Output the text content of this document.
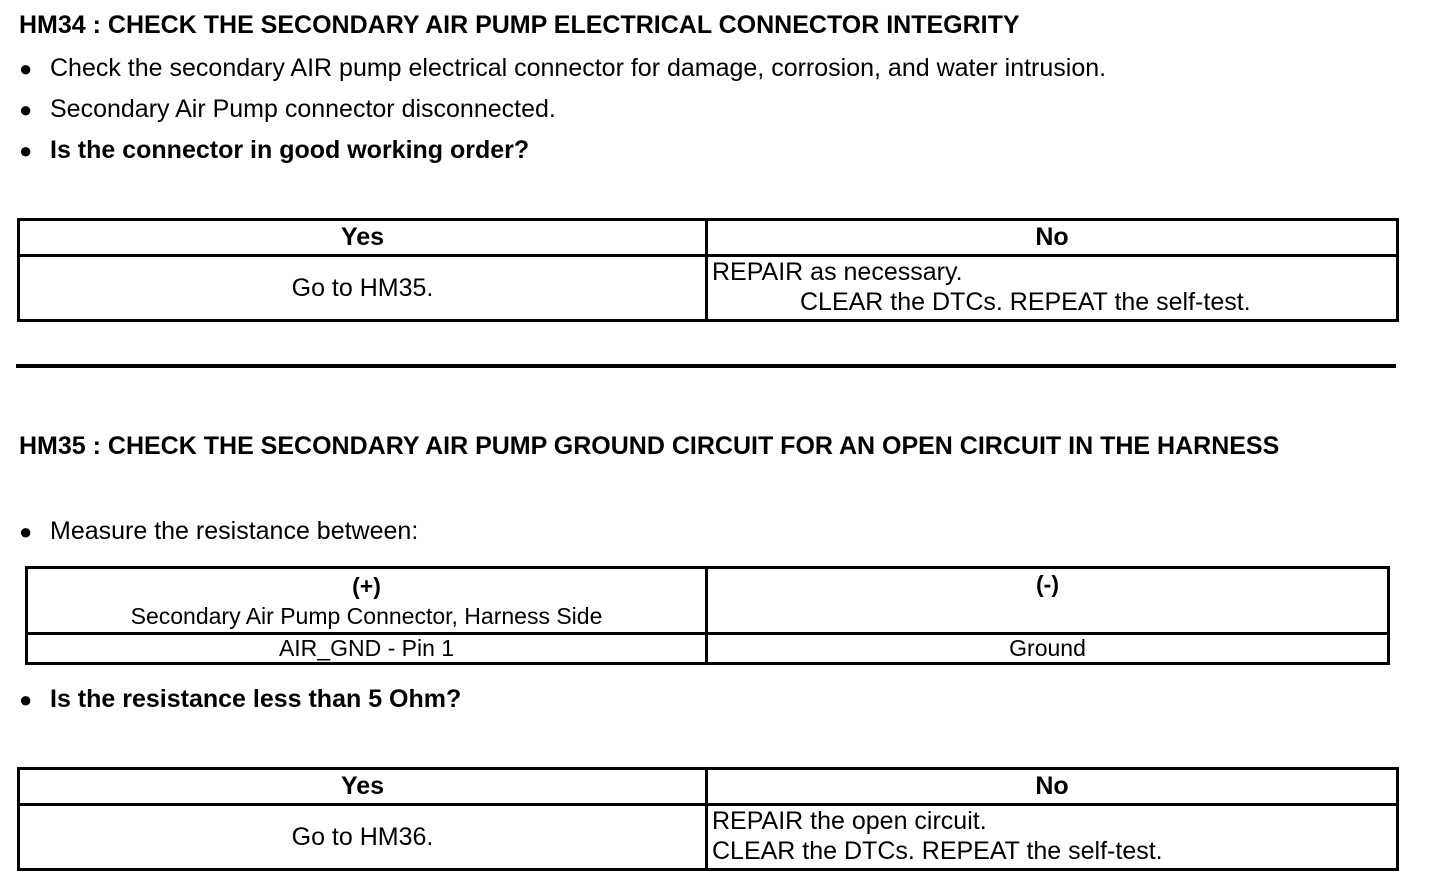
HM34 : CHECK THE SECONDARY AIR PUMP ELECTRICAL CONNECTOR INTEGRITY
● Check the secondary AIR pump electrical connector for damage, corrosion, and water intrusion.
● Secondary Air Pump connector disconnected.
● Is the connector in good working order?
Yes	No
Go to HM35.	REPAIR as necessary.
CLEAR the DTCs. REPEAT the self-test.
HM35 : CHECK THE SECONDARY AIR PUMP GROUND CIRCUIT FOR AN OPEN CIRCUIT IN THE HARNESS
● Measure the resistance between:
(+)
Secondary Air Pump Connector, Harness Side	(-)
AIR_GND - Pin 1	Ground
● Is the resistance less than 5 Ohm?
Yes	No
Go to HM36.	REPAIR the open circuit.
CLEAR the DTCs. REPEAT the self-test.
